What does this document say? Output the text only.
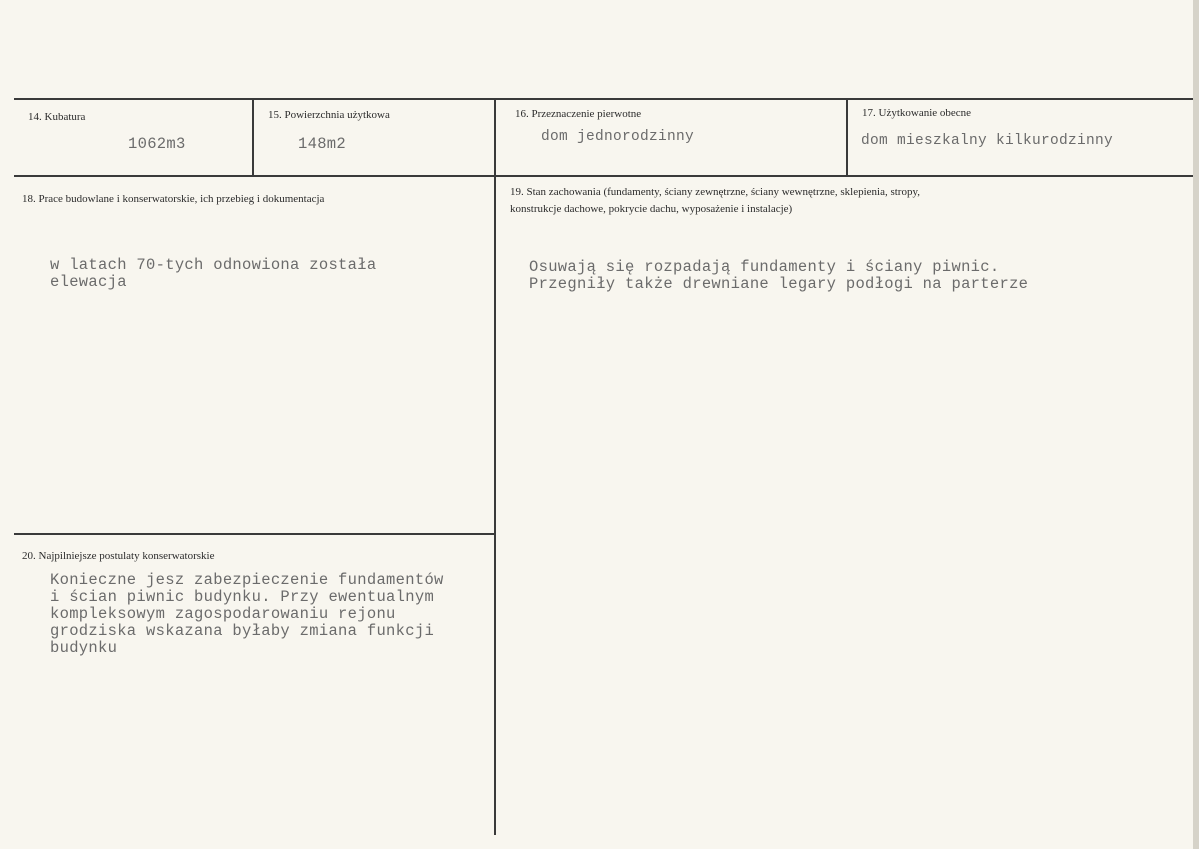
14. Kubatura
1062m3
15. Powierzchnia użytkowa
148m2
16. Przeznaczenie pierwotne
dom jednorodzinny
17. Użytkowanie obecne
dom mieszkalny kilkurodzinny
18. Prace budowlane i konserwatorskie, ich przebieg i dokumentacja
w latach 70-tych odnowiona została
elewacja
19. Stan zachowania (fundamenty, ściany zewnętrzne, ściany wewnętrzne, sklepienia, stropy,
konstrukcje dachowe, pokrycie dachu, wyposażenie i instalacje)
Osuwają się rozpadają fundamenty i ściany piwnic.
Przegniły także drewniane legary podłogi na parterze
20. Najpilniejsze postulaty konserwatorskie
Konieczne jesz zabezpieczenie fundamentów
i ścian piwnic budynku. Przy ewentualnym
kompleksowym zagospodarowaniu rejonu
grodziska wskazana byłaby zmiana funkcji
budynku
